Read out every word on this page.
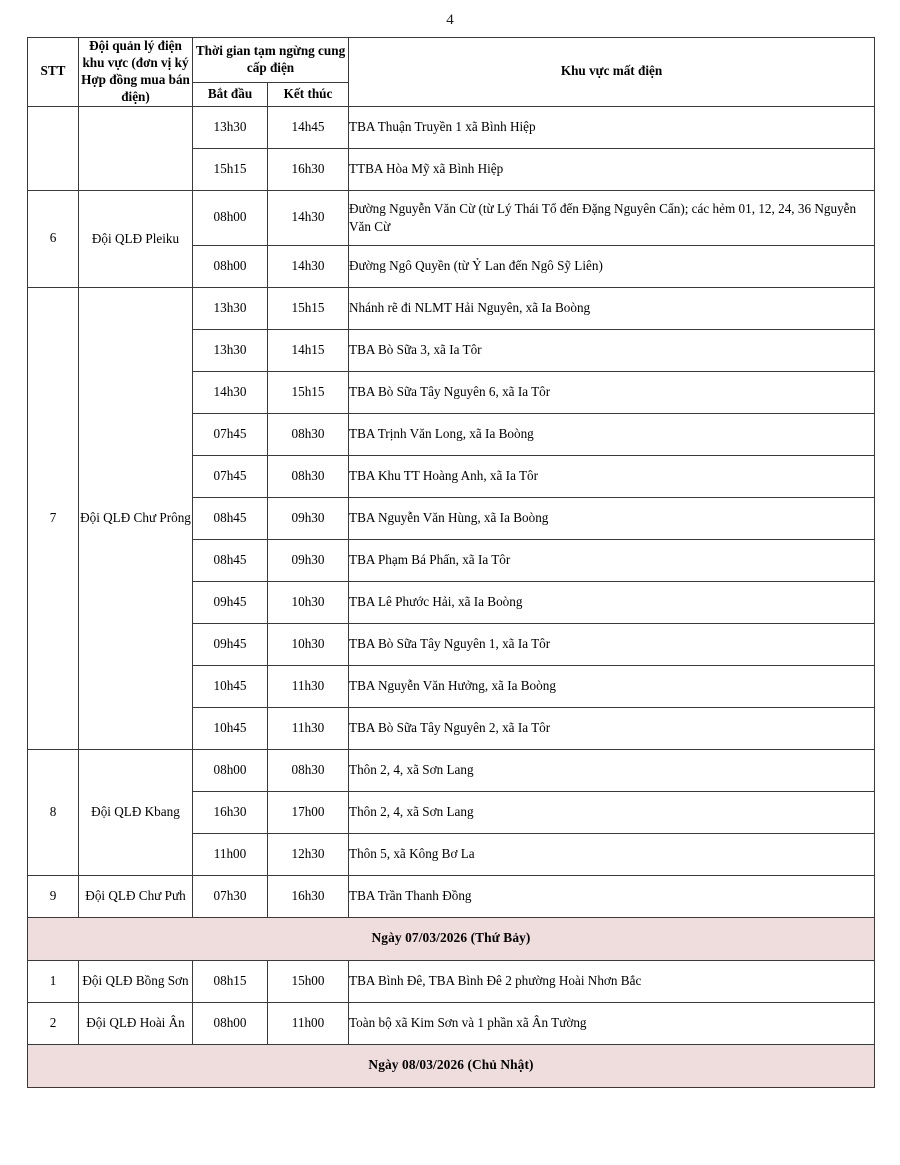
4
STT	Đội quản lý điện khu vực (đơn vị ký Hợp đồng mua bán điện)	Thời gian tạm ngừng cung cấp điện		Khu vực mất điện
		Bắt đầu	Kết thúc	
		13h30	14h45	TBA Thuận Truyền 1 xã Bình Hiệp
		15h15	16h30	TTBA Hòa Mỹ xã Bình Hiệp
6	Đội QLĐ Pleiku	08h00	14h30	Đường Nguyễn Văn Cừ (từ Lý Thái Tổ đến Đặng Nguyên Cẩn); các hẻm 01, 12, 24, 36 Nguyễn Văn Cừ
		08h00	14h30	Đường Ngô Quyền (từ Ỷ Lan đến Ngô Sỹ Liên)
7	Đội QLĐ Chư Prông	13h30	15h15	Nhánh rẽ đi NLMT Hải Nguyên, xã Ia Boòng
		13h30	14h15	TBA Bò Sữa 3, xã Ia Tôr
		14h30	15h15	TBA Bò Sữa Tây Nguyên 6, xã Ia Tôr
		07h45	08h30	TBA Trịnh Văn Long, xã Ia Boòng
		07h45	08h30	TBA Khu TT Hoàng Anh, xã Ia Tôr
		08h45	09h30	TBA Nguyễn Văn Hùng, xã Ia Boòng
		08h45	09h30	TBA Phạm Bá Phấn, xã Ia Tôr
		09h45	10h30	TBA Lê Phước Hải, xã Ia Boòng
		09h45	10h30	TBA Bò Sữa Tây Nguyên 1, xã Ia Tôr
		10h45	11h30	TBA Nguyễn Văn Hưởng, xã Ia Boòng
		10h45	11h30	TBA Bò Sữa Tây Nguyên 2, xã Ia Tôr
8	Đội QLĐ Kbang	08h00	08h30	Thôn 2, 4, xã Sơn Lang
		16h30	17h00	Thôn 2, 4, xã Sơn Lang
		11h00	12h30	Thôn 5, xã Kông Bơ La
9	Đội QLĐ Chư Pưh	07h30	16h30	TBA Trần Thanh Đồng
Ngày 07/03/2026 (Thứ Bảy)				
1	Đội QLĐ Bồng Sơn	08h15	15h00	TBA Bình Đê, TBA Bình Đê 2 phường Hoài Nhơn Bắc
2	Đội QLĐ Hoài Ân	08h00	11h00	Toàn bộ xã Kim Sơn và 1 phần xã Ân Tường
Ngày 08/03/2026 (Chủ Nhật)				
